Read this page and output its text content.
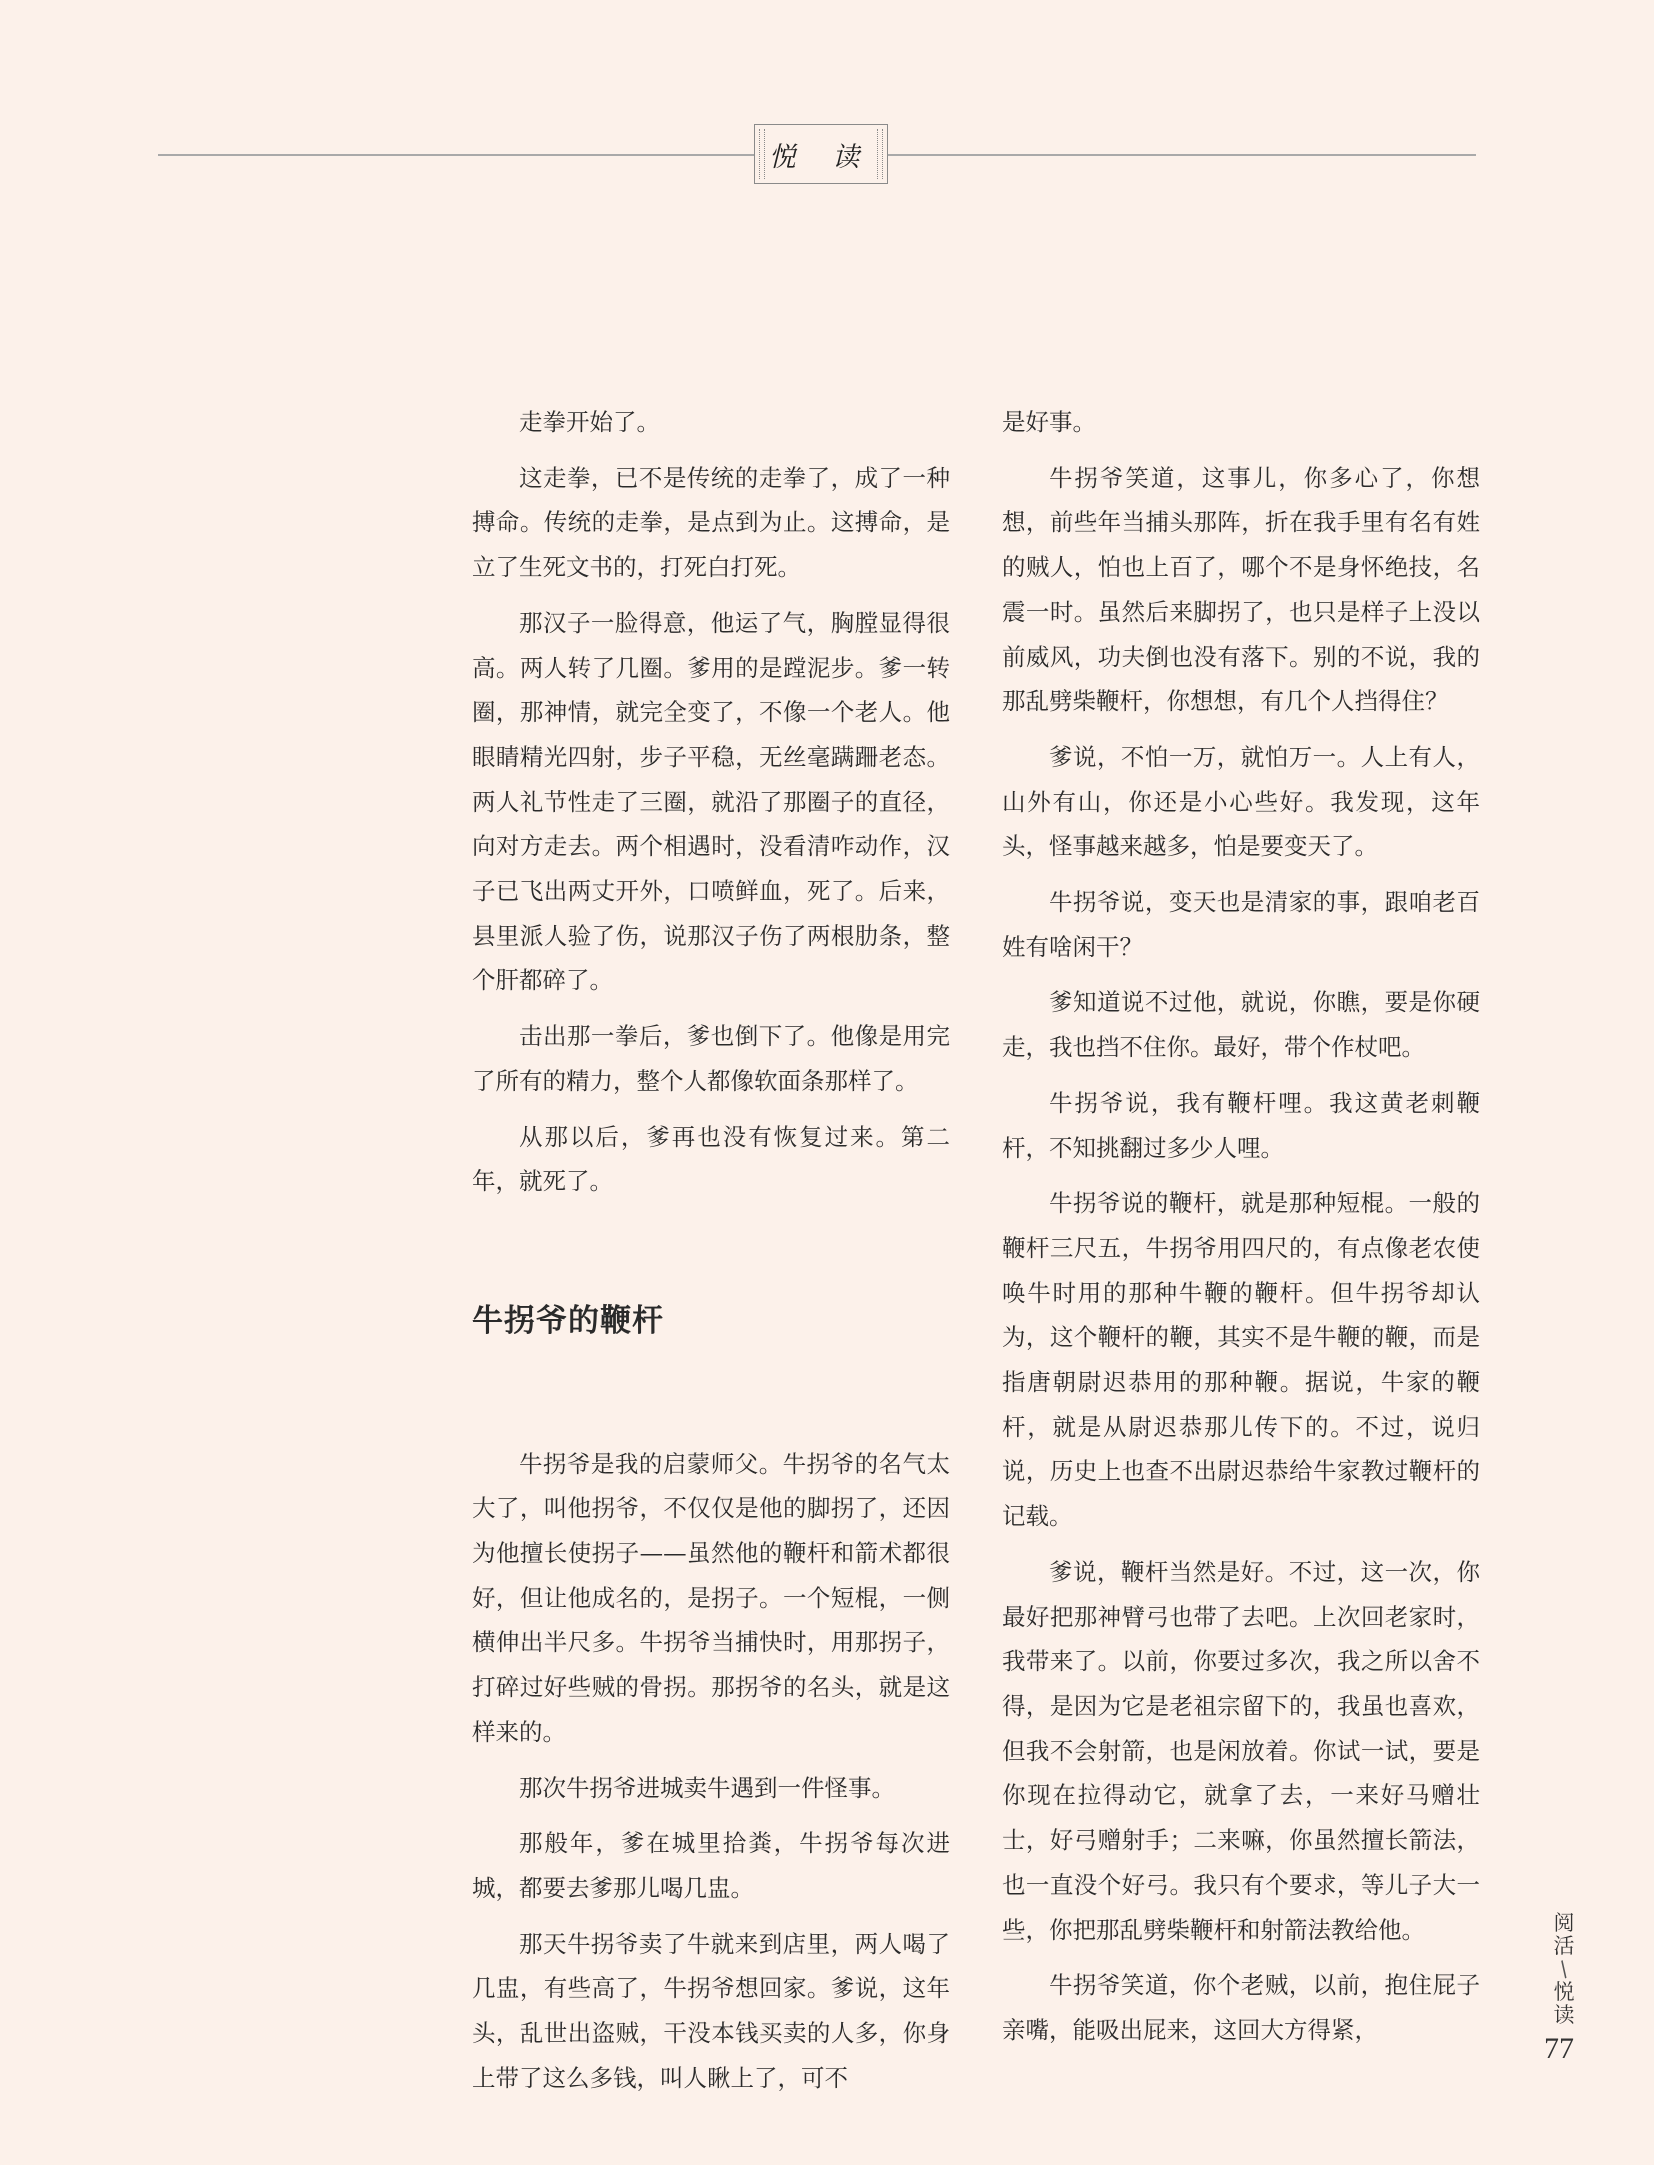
悦 读

走拳开始了。

这走拳，已不是传统的走拳了，成了一种搏命。传统的走拳，是点到为止。这搏命，是立了生死文书的，打死白打死。

那汉子一脸得意，他运了气，胸膛显得很高。两人转了几圈。爹用的是蹚泥步。爹一转圈，那神情，就完全变了，不像一个老人。他眼睛精光四射，步子平稳，无丝毫蹒跚老态。两人礼节性走了三圈，就沿了那圈子的直径，向对方走去。两个相遇时，没看清咋动作，汉子已飞出两丈开外，口喷鲜血，死了。后来，县里派人验了伤，说那汉子伤了两根肋条，整个肝都碎了。

击出那一拳后，爹也倒下了。他像是用完了所有的精力，整个人都像软面条那样了。

从那以后，爹再也没有恢复过来。第二年，就死了。

牛拐爷的鞭杆

牛拐爷是我的启蒙师父。牛拐爷的名气太大了，叫他拐爷，不仅仅是他的脚拐了，还因为他擅长使拐子——虽然他的鞭杆和箭术都很好，但让他成名的，是拐子。一个短棍，一侧横伸出半尺多。牛拐爷当捕快时，用那拐子，打碎过好些贼的骨拐。那拐爷的名头，就是这样来的。

那次牛拐爷进城卖牛遇到一件怪事。

那般年，爹在城里拾粪，牛拐爷每次进城，都要去爹那儿喝几盅。

那天牛拐爷卖了牛就来到店里，两人喝了几盅，有些高了，牛拐爷想回家。爹说，这年头，乱世出盗贼，干没本钱买卖的人多，你身上带了这么多钱，叫人瞅上了，可不

是好事。

牛拐爷笑道，这事儿，你多心了，你想想，前些年当捕头那阵，折在我手里有名有姓的贼人，怕也上百了，哪个不是身怀绝技，名震一时。虽然后来脚拐了，也只是样子上没以前威风，功夫倒也没有落下。别的不说，我的那乱劈柴鞭杆，你想想，有几个人挡得住？

爹说，不怕一万，就怕万一。人上有人，山外有山，你还是小心些好。我发现，这年头，怪事越来越多，怕是要变天了。

牛拐爷说，变天也是清家的事，跟咱老百姓有啥闲干？

爹知道说不过他，就说，你瞧，要是你硬走，我也挡不住你。最好，带个作杖吧。

牛拐爷说，我有鞭杆哩。我这黄老刺鞭杆，不知挑翻过多少人哩。

牛拐爷说的鞭杆，就是那种短棍。一般的鞭杆三尺五，牛拐爷用四尺的，有点像老农使唤牛时用的那种牛鞭的鞭杆。但牛拐爷却认为，这个鞭杆的鞭，其实不是牛鞭的鞭，而是指唐朝尉迟恭用的那种鞭。据说，牛家的鞭杆，就是从尉迟恭那儿传下的。不过，说归说，历史上也查不出尉迟恭给牛家教过鞭杆的记载。

爹说，鞭杆当然是好。不过，这一次，你最好把那神臂弓也带了去吧。上次回老家时，我带来了。以前，你要过多次，我之所以舍不得，是因为它是老祖宗留下的，我虽也喜欢，但我不会射箭，也是闲放着。你试一试，要是你现在拉得动它，就拿了去，一来好马赠壮士，好弓赠射手；二来嘛，你虽然擅长箭法，也一直没个好弓。我只有个要求，等儿子大一些，你把那乱劈柴鞭杆和射箭法教给他。

牛拐爷笑道，你个老贼，以前，抱住屁子亲嘴，能吸出屁来，这回大方得紧，

阅活
/
悦读
77
